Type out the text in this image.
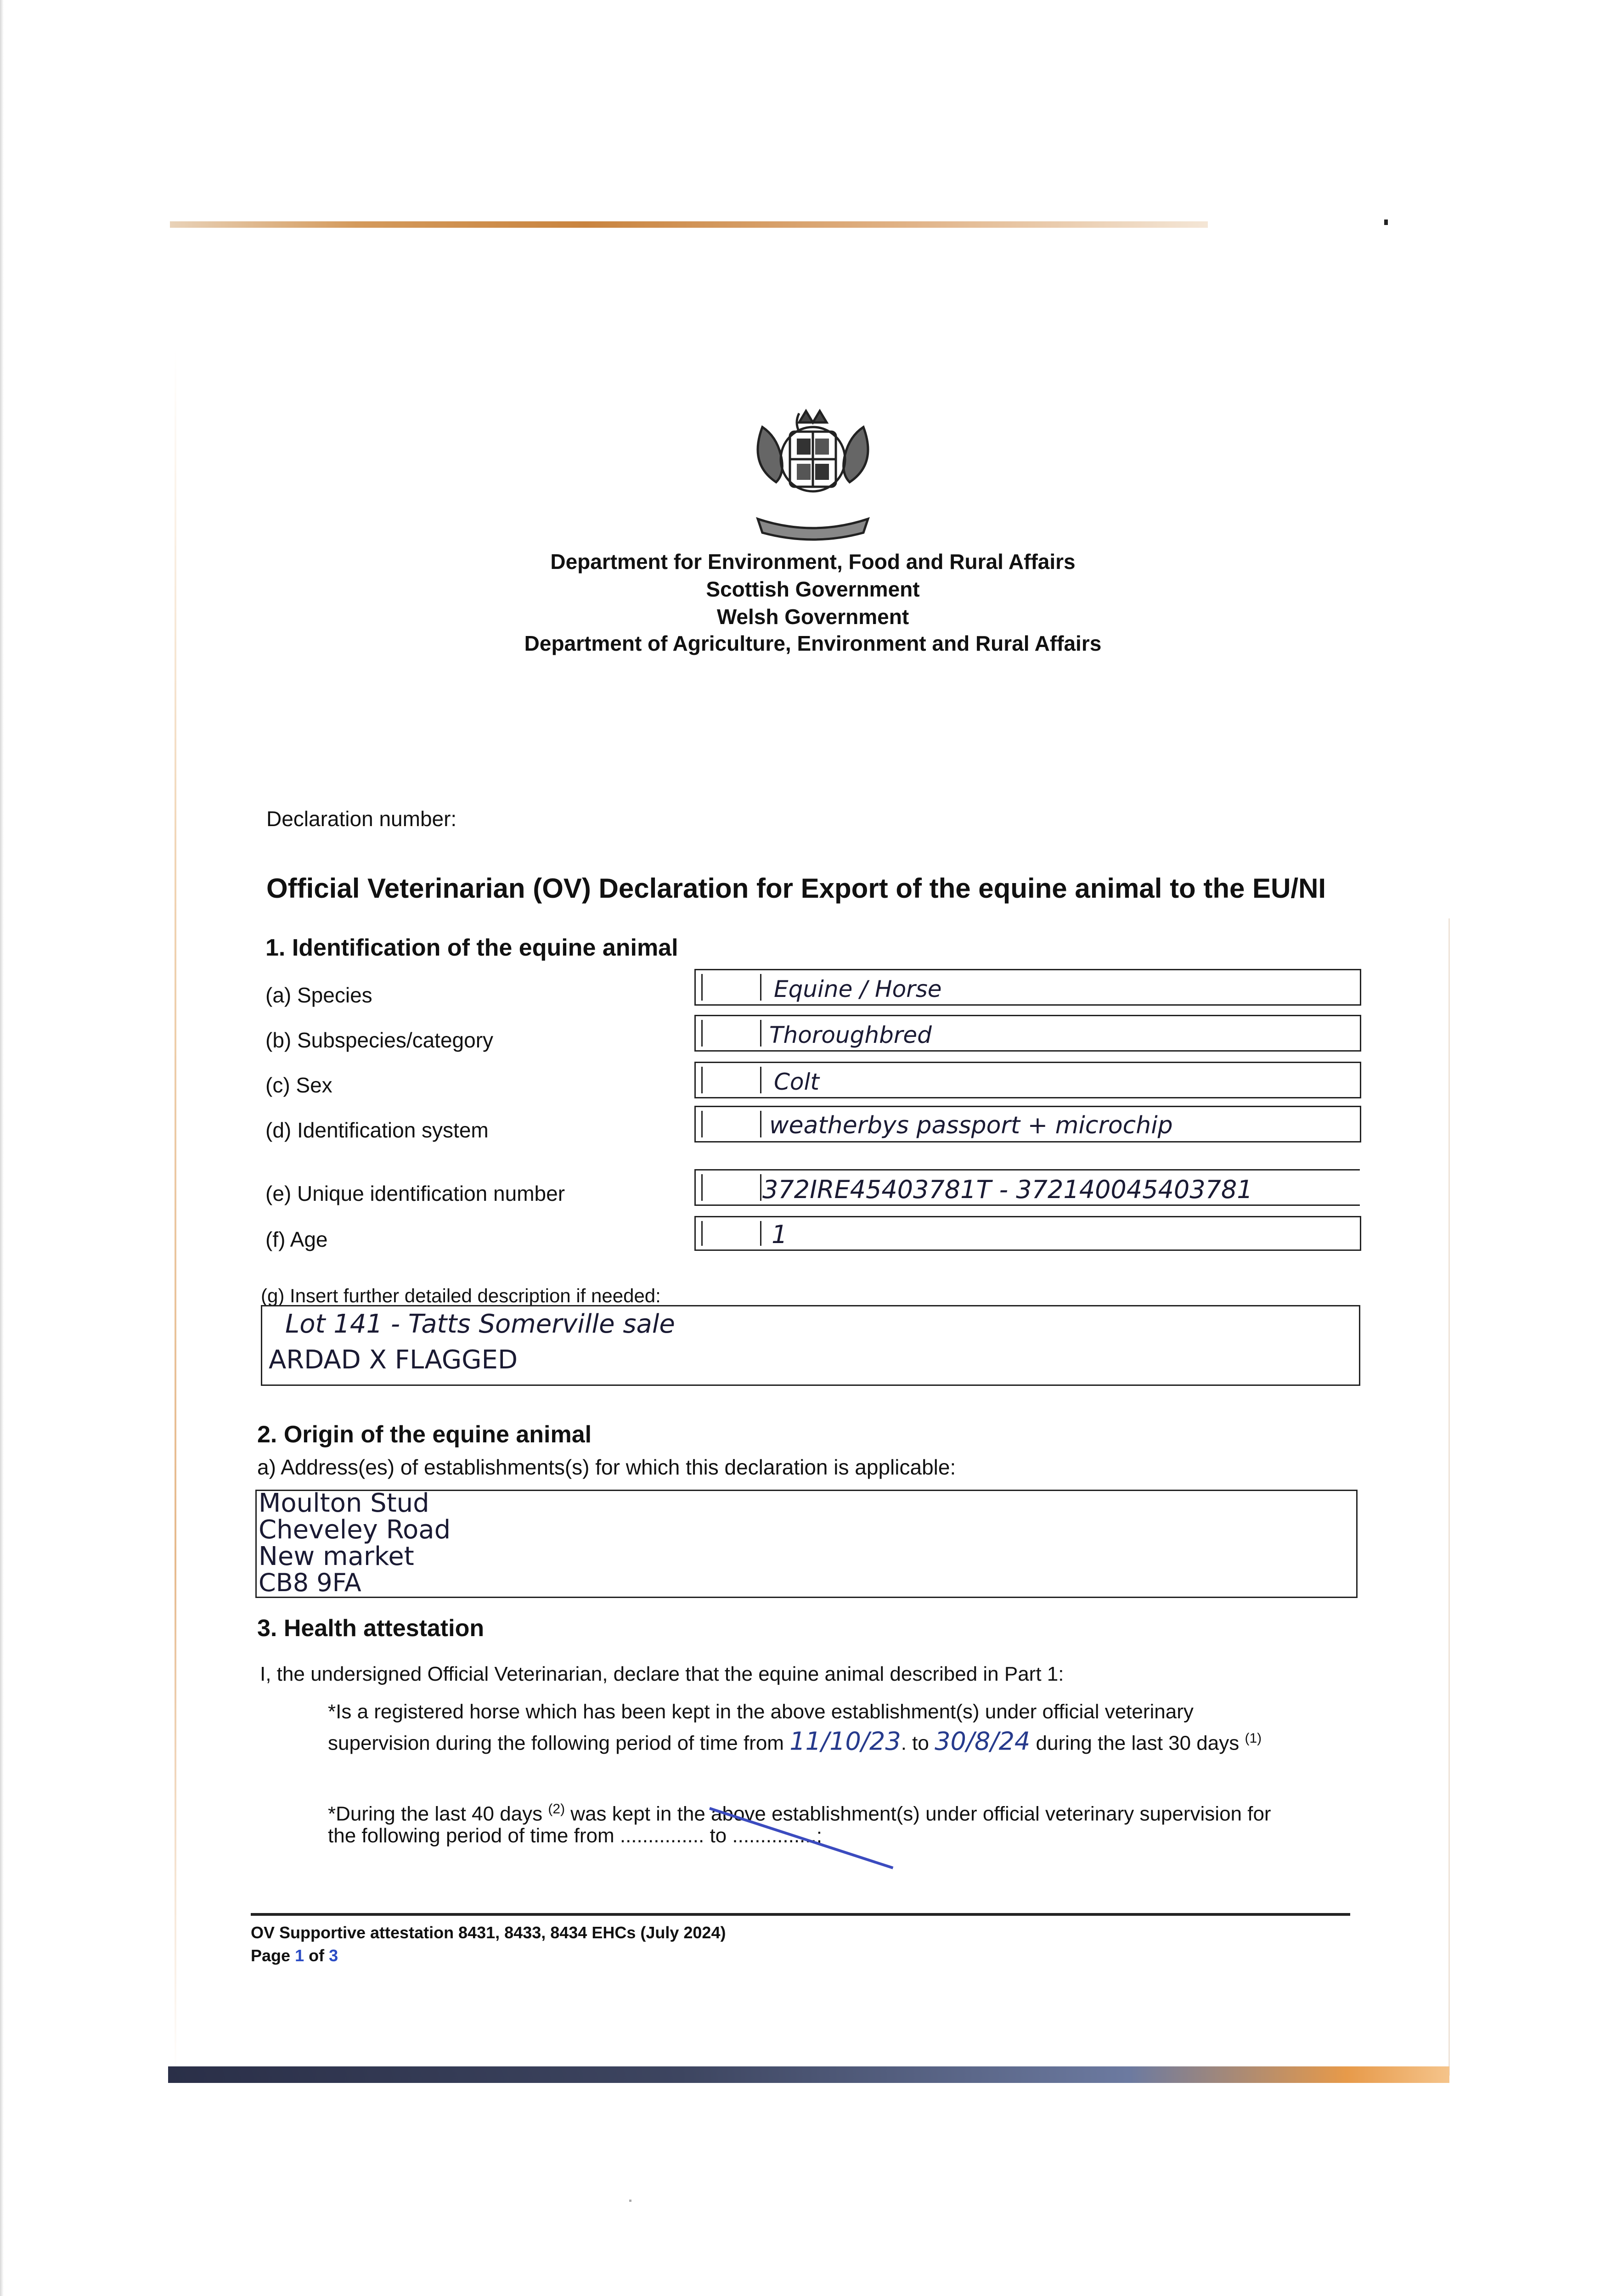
Department for Environment, Food and Rural Affairs
Scottish Government
Welsh Government
Department of Agriculture, Environment and Rural Affairs
Declaration number:
Official Veterinarian (OV) Declaration for Export of the equine animal to the EU/NI
1. Identification of the equine animal
(a) Species	Equine / Horse
(b) Subspecies/category	Thoroughbred
(c) Sex	Colt
(d) Identification system	weatherbys passport + microchip
(e) Unique identification number	372IRE45403781T - 372140045403781
(f) Age	1
(g) Insert further detailed description if needed:
Lot 141 - Tatts Somerville sale
ARDAD X FLAGGED
2. Origin of the equine animal
a) Address(es) of establishments(s) for which this declaration is applicable:
Moulton Stud
Cheveley Road
New market
CB8 9FA
3. Health attestation
I, the undersigned Official Veterinarian, declare that the equine animal described in Part 1:
*Is a registered horse which has been kept in the above establishment(s) under official veterinary
supervision during the following period of time from 11/10/23. to 30/8/24 during the last 30 days $^{(1)}$
*During the last 40 days $^{(2)}$ was kept in the above establishment(s) under official veterinary supervision for
the following period of time from ............... to ...............;
OV Supportive attestation 8431, 8433, 8434 EHCs (July 2024)
Page 1 of 3
